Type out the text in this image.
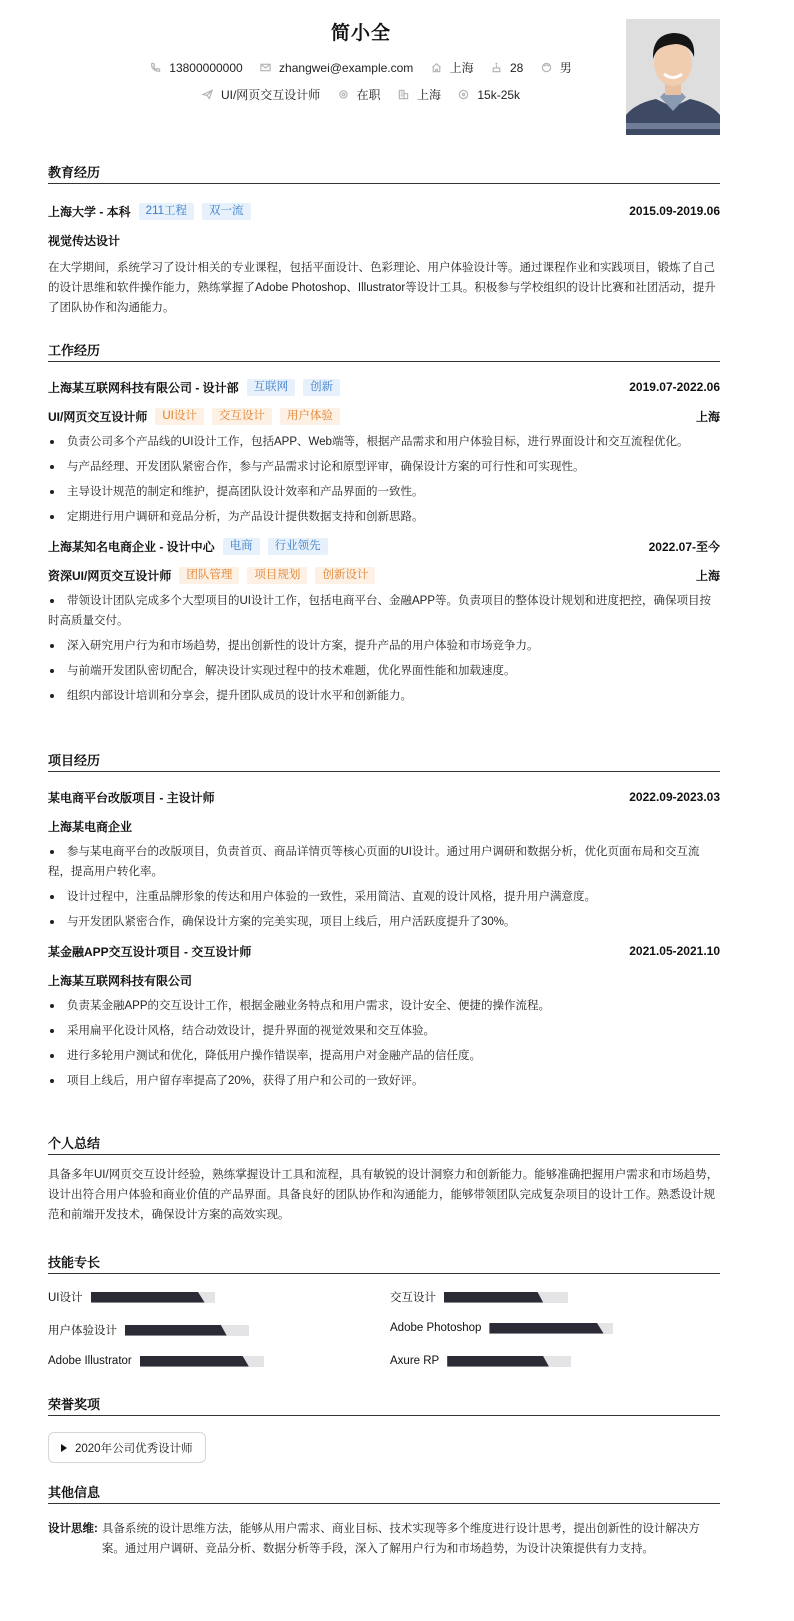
简小全
13800000000
	zhangwei@example.com
	上海
	28
	男
UI/网页交互设计师
	在职
	上海
	15k-25k
教育经历
上海大学 - 本科	211工程	双一流	2015.09-2019.06
视觉传达设计
在大学期间，系统学习了设计相关的专业课程，包括平面设计、色彩理论、用户体验设计等。通过课程作业和实践项目，锻炼了自己的设计思维和软件操作能力，熟练掌握了Adobe Photoshop、Illustrator等设计工具。积极参与学校组织的设计比赛和社团活动，提升了团队协作和沟通能力。
工作经历
上海某互联网科技有限公司 - 设计部	互联网	创新	2019.07-2022.06
UI/网页交互设计师	UI设计	交互设计	用户体验	上海
负责公司多个产品线的UI设计工作，包括APP、Web端等，根据产品需求和用户体验目标，进行界面设计和交互流程优化。
与产品经理、开发团队紧密合作，参与产品需求讨论和原型评审，确保设计方案的可行性和可实现性。
主导设计规范的制定和维护，提高团队设计效率和产品界面的一致性。
定期进行用户调研和竞品分析，为产品设计提供数据支持和创新思路。
上海某知名电商企业 - 设计中心	电商	行业领先	2022.07-至今
资深UI/网页交互设计师	团队管理	项目规划	创新设计	上海
带领设计团队完成多个大型项目的UI设计工作，包括电商平台、金融APP等。负责项目的整体设计规划和进度把控，确保项目按时高质量交付。
深入研究用户行为和市场趋势，提出创新性的设计方案，提升产品的用户体验和市场竞争力。
与前端开发团队密切配合，解决设计实现过程中的技术难题，优化界面性能和加载速度。
组织内部设计培训和分享会，提升团队成员的设计水平和创新能力。
项目经历
某电商平台改版项目 - 主设计师	2022.09-2023.03
上海某电商企业
参与某电商平台的改版项目，负责首页、商品详情页等核心页面的UI设计。通过用户调研和数据分析，优化页面布局和交互流程，提高用户转化率。
设计过程中，注重品牌形象的传达和用户体验的一致性，采用简洁、直观的设计风格，提升用户满意度。
与开发团队紧密合作，确保设计方案的完美实现，项目上线后，用户活跃度提升了30%。
某金融APP交互设计项目 - 交互设计师	2021.05-2021.10
上海某互联网科技有限公司
负责某金融APP的交互设计工作，根据金融业务特点和用户需求，设计安全、便捷的操作流程。
采用扁平化设计风格，结合动效设计，提升界面的视觉效果和交互体验。
进行多轮用户测试和优化，降低用户操作错误率，提高用户对金融产品的信任度。
项目上线后，用户留存率提高了20%，获得了用户和公司的一致好评。
个人总结
具备多年UI/网页交互设计经验，熟练掌握设计工具和流程，具有敏锐的设计洞察力和创新能力。能够准确把握用户需求和市场趋势，设计出符合用户体验和商业价值的产品界面。具备良好的团队协作和沟通能力，能够带领团队完成复杂项目的设计工作。熟悉设计规范和前端开发技术，确保设计方案的高效实现。
技能专长
UI设计	交互设计
用户体验设计	Adobe Photoshop
Adobe Illustrator	Axure RP
荣誉奖项
2020年公司优秀设计师
其他信息
设计思维: 具备系统的设计思维方法，能够从用户需求、商业目标、技术实现等多个维度进行设计思考，提出创新性的设计解决方案。通过用户调研、竞品分析、数据分析等手段，深入了解用户行为和市场趋势，为设计决策提供有力支持。
